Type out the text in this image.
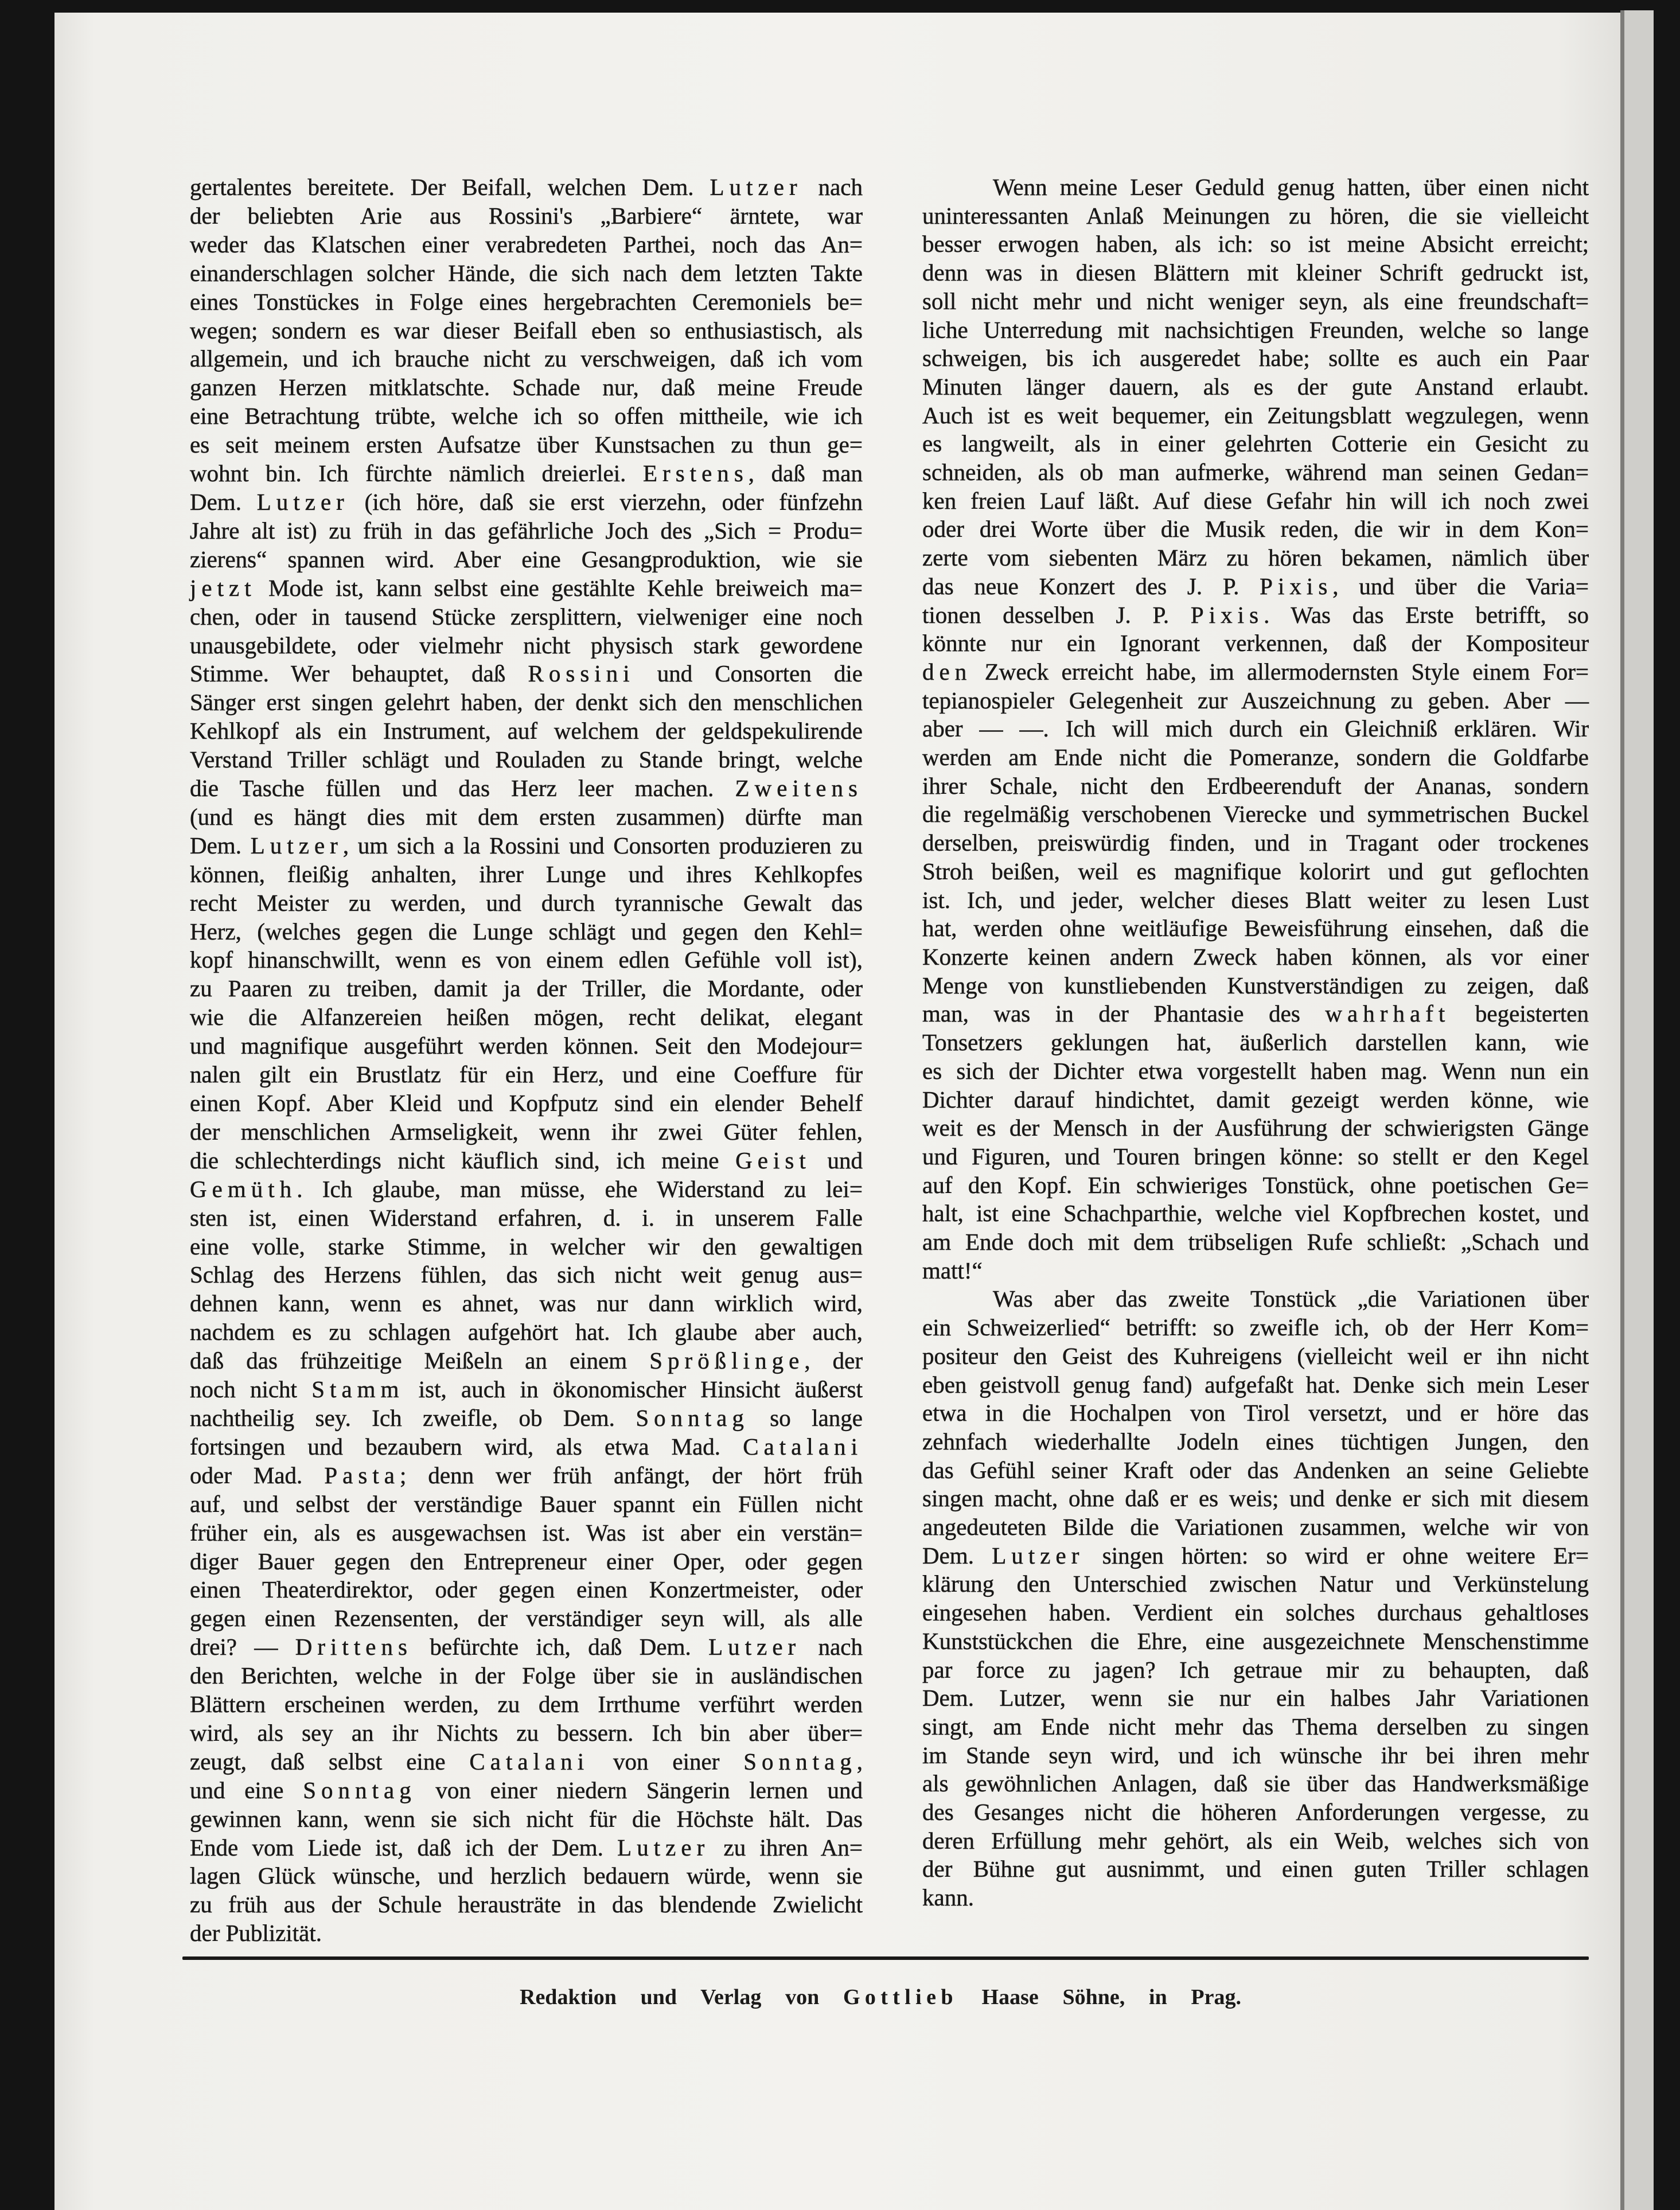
gertalentes bereitete. Der Beifall, welchen Dem. Lutzer nach
der beliebten Arie aus Rossini's „Barbiere“ ärntete, war
weder das Klatschen einer verabredeten Parthei, noch das An=
einanderschlagen solcher Hände, die sich nach dem letzten Takte
eines Tonstückes in Folge eines hergebrachten Ceremoniels be=
wegen; sondern es war dieser Beifall eben so enthusiastisch, als
allgemein, und ich brauche nicht zu verschweigen, daß ich vom
ganzen Herzen mitklatschte. Schade nur, daß meine Freude
eine Betrachtung trübte, welche ich so offen mittheile, wie ich
es seit meinem ersten Aufsatze über Kunstsachen zu thun ge=
wohnt bin. Ich fürchte nämlich dreierlei. Erstens, daß man
Dem. Lutzer (ich höre, daß sie erst vierzehn, oder fünfzehn
Jahre alt ist) zu früh in das gefährliche Joch des „Sich = Produ=
zierens“ spannen wird. Aber eine Gesangproduktion, wie sie
jetzt Mode ist, kann selbst eine gestählte Kehle breiweich ma=
chen, oder in tausend Stücke zersplittern, vielweniger eine noch
unausgebildete, oder vielmehr nicht physisch stark gewordene
Stimme. Wer behauptet, daß Rossini und Consorten die
Sänger erst singen gelehrt haben, der denkt sich den menschlichen
Kehlkopf als ein Instrument, auf welchem der geldspekulirende
Verstand Triller schlägt und Rouladen zu Stande bringt, welche
die Tasche füllen und das Herz leer machen. Zweitens
(und es hängt dies mit dem ersten zusammen) dürfte man
Dem. Lutzer, um sich a la Rossini und Consorten produzieren zu
können, fleißig anhalten, ihrer Lunge und ihres Kehlkopfes
recht Meister zu werden, und durch tyrannische Gewalt das
Herz, (welches gegen die Lunge schlägt und gegen den Kehl=
kopf hinanschwillt, wenn es von einem edlen Gefühle voll ist),
zu Paaren zu treiben, damit ja der Triller, die Mordante, oder
wie die Alfanzereien heißen mögen, recht delikat, elegant
und magnifique ausgeführt werden können. Seit den Modejour=
nalen gilt ein Brustlatz für ein Herz, und eine Coeffure für
einen Kopf. Aber Kleid und Kopfputz sind ein elender Behelf
der menschlichen Armseligkeit, wenn ihr zwei Güter fehlen,
die schlechterdings nicht käuflich sind, ich meine Geist und
Gemüth. Ich glaube, man müsse, ehe Widerstand zu lei=
sten ist, einen Widerstand erfahren, d. i. in unserem Falle
eine volle, starke Stimme, in welcher wir den gewaltigen
Schlag des Herzens fühlen, das sich nicht weit genug aus=
dehnen kann, wenn es ahnet, was nur dann wirklich wird,
nachdem es zu schlagen aufgehört hat. Ich glaube aber auch,
daß das frühzeitige Meißeln an einem Sprößlinge, der
noch nicht Stamm ist, auch in ökonomischer Hinsicht äußerst
nachtheilig sey. Ich zweifle, ob Dem. Sonntag so lange
fortsingen und bezaubern wird, als etwa Mad. Catalani
oder Mad. Pasta; denn wer früh anfängt, der hört früh
auf, und selbst der verständige Bauer spannt ein Füllen nicht
früher ein, als es ausgewachsen ist. Was ist aber ein verstän=
diger Bauer gegen den Entrepreneur einer Oper, oder gegen
einen Theaterdirektor, oder gegen einen Konzertmeister, oder
gegen einen Rezensenten, der verständiger seyn will, als alle
drei? — Drittens befürchte ich, daß Dem. Lutzer nach
den Berichten, welche in der Folge über sie in ausländischen
Blättern erscheinen werden, zu dem Irrthume verführt werden
wird, als sey an ihr Nichts zu bessern. Ich bin aber über=
zeugt, daß selbst eine Catalani von einer Sonntag,
und eine Sonntag von einer niedern Sängerin lernen und
gewinnen kann, wenn sie sich nicht für die Höchste hält. Das
Ende vom Liede ist, daß ich der Dem. Lutzer zu ihren An=
lagen Glück wünsche, und herzlich bedauern würde, wenn sie
zu früh aus der Schule herausträte in das blendende Zwielicht
der Publizität.
Wenn meine Leser Geduld genug hatten, über einen nicht
uninteressanten Anlaß Meinungen zu hören, die sie vielleicht
besser erwogen haben, als ich: so ist meine Absicht erreicht;
denn was in diesen Blättern mit kleiner Schrift gedruckt ist,
soll nicht mehr und nicht weniger seyn, als eine freundschaft=
liche Unterredung mit nachsichtigen Freunden, welche so lange
schweigen, bis ich ausgeredet habe; sollte es auch ein Paar
Minuten länger dauern, als es der gute Anstand erlaubt.
Auch ist es weit bequemer, ein Zeitungsblatt wegzulegen, wenn
es langweilt, als in einer gelehrten Cotterie ein Gesicht zu
schneiden, als ob man aufmerke, während man seinen Gedan=
ken freien Lauf läßt. Auf diese Gefahr hin will ich noch zwei
oder drei Worte über die Musik reden, die wir in dem Kon=
zerte vom siebenten März zu hören bekamen, nämlich über
das neue Konzert des J. P. Pixis, und über die Varia=
tionen desselben J. P. Pixis. Was das Erste betrifft, so
könnte nur ein Ignorant verkennen, daß der Kompositeur
den Zweck erreicht habe, im allermodernsten Style einem For=
tepianospieler Gelegenheit zur Auszeichnung zu geben. Aber —
aber — —. Ich will mich durch ein Gleichniß erklären. Wir
werden am Ende nicht die Pomeranze, sondern die Goldfarbe
ihrer Schale, nicht den Erdbeerenduft der Ananas, sondern
die regelmäßig verschobenen Vierecke und symmetrischen Buckel
derselben, preiswürdig finden, und in Tragant oder trockenes
Stroh beißen, weil es magnifique kolorirt und gut geflochten
ist. Ich, und jeder, welcher dieses Blatt weiter zu lesen Lust
hat, werden ohne weitläufige Beweisführung einsehen, daß die
Konzerte keinen andern Zweck haben können, als vor einer
Menge von kunstliebenden Kunstverständigen zu zeigen, daß
man, was in der Phantasie des wahrhaft begeisterten
Tonsetzers geklungen hat, äußerlich darstellen kann, wie
es sich der Dichter etwa vorgestellt haben mag. Wenn nun ein
Dichter darauf hindichtet, damit gezeigt werden könne, wie
weit es der Mensch in der Ausführung der schwierigsten Gänge
und Figuren, und Touren bringen könne: so stellt er den Kegel
auf den Kopf. Ein schwieriges Tonstück, ohne poetischen Ge=
halt, ist eine Schachparthie, welche viel Kopfbrechen kostet, und
am Ende doch mit dem trübseligen Rufe schließt: „Schach und
matt!“
Was aber das zweite Tonstück „die Variationen über
ein Schweizerlied“ betrifft: so zweifle ich, ob der Herr Kom=
positeur den Geist des Kuhreigens (vielleicht weil er ihn nicht
eben geistvoll genug fand) aufgefaßt hat. Denke sich mein Leser
etwa in die Hochalpen von Tirol versetzt, und er höre das
zehnfach wiederhallte Jodeln eines tüchtigen Jungen, den
das Gefühl seiner Kraft oder das Andenken an seine Geliebte
singen macht, ohne daß er es weis; und denke er sich mit diesem
angedeuteten Bilde die Variationen zusammen, welche wir von
Dem. Lutzer singen hörten: so wird er ohne weitere Er=
klärung den Unterschied zwischen Natur und Verkünstelung
eingesehen haben. Verdient ein solches durchaus gehaltloses
Kunststückchen die Ehre, eine ausgezeichnete Menschenstimme
par force zu jagen? Ich getraue mir zu behaupten, daß
Dem. Lutzer, wenn sie nur ein halbes Jahr Variationen
singt, am Ende nicht mehr das Thema derselben zu singen
im Stande seyn wird, und ich wünsche ihr bei ihren mehr
als gewöhnlichen Anlagen, daß sie über das Handwerksmäßige
des Gesanges nicht die höheren Anforderungen vergesse, zu
deren Erfüllung mehr gehört, als ein Weib, welches sich von
der Bühne gut ausnimmt, und einen guten Triller schlagen
kann.
Redaktion und Verlag von Gottlieb Haase Söhne, in Prag.
